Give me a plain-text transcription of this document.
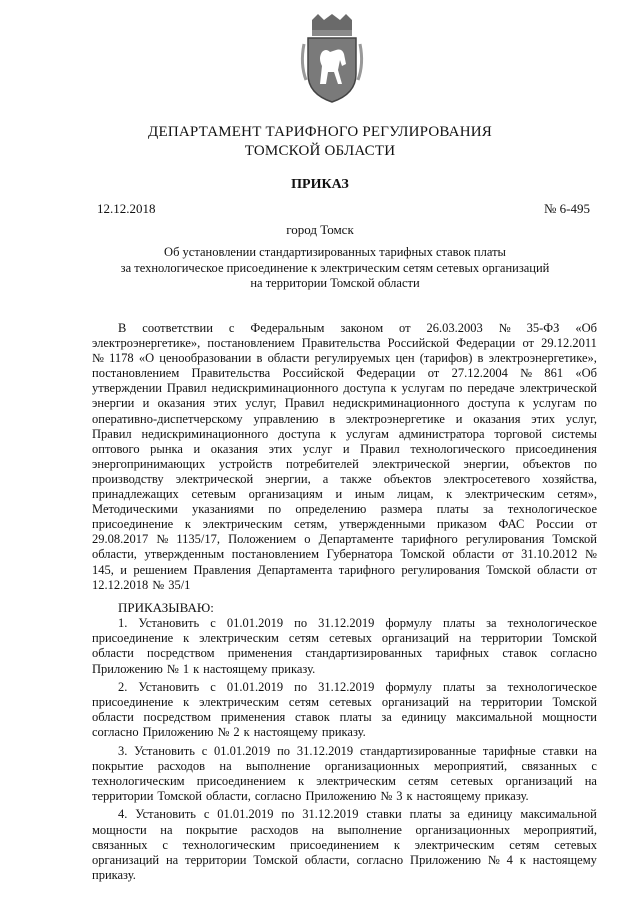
ДЕПАРТАМЕНТ ТАРИФНОГО РЕГУЛИРОВАНИЯ
ТОМСКОЙ ОБЛАСТИ
ПРИКАЗ
12.12.2018	№ 6-495
город Томск
Об установлении стандартизированных тарифных ставок платы
за технологическое присоединение к электрическим сетям сетевых организаций
на территории Томской области
В соответствии с Федеральным законом от 26.03.2003 № 35-ФЗ «Об
электроэнергетике», постановлением Правительства Российской Федерации от 29.12.2011
№ 1178 «О ценообразовании в области регулируемых цен (тарифов) в электроэнергетике»,
постановлением Правительства Российской Федерации от 27.12.2004 № 861 «Об
утверждении Правил недискриминационного доступа к услугам по передаче электрической
энергии и оказания этих услуг, Правил недискриминационного доступа к услугам по
оперативно-диспетчерскому управлению в электроэнергетике и оказания этих услуг,
Правил недискриминационного доступа к услугам администратора торговой системы
оптового рынка и оказания этих услуг и Правил технологического присоединения
энергопринимающих устройств потребителей электрической энергии, объектов по
производству электрической энергии, а также объектов электросетевого хозяйства,
принадлежащих сетевым организациям и иным лицам, к электрическим сетям»,
Методическими указаниями по определению размера платы за технологическое
присоединение к электрическим сетям, утвержденными приказом ФАС России от
29.08.2017 № 1135/17, Положением о Департаменте тарифного регулирования Томской
области, утвержденным постановлением Губернатора Томской области от 31.10.2012 №
145, и решением Правления Департамента тарифного регулирования Томской области от
12.12.2018 № 35/1
ПРИКАЗЫВАЮ:
1. Установить с 01.01.2019 по 31.12.2019 формулу платы за технологическое
присоединение к электрическим сетям сетевых организаций на территории Томской
области посредством применения стандартизированных тарифных ставок согласно
Приложению № 1 к настоящему приказу.
2. Установить с 01.01.2019 по 31.12.2019 формулу платы за технологическое
присоединение к электрическим сетям сетевых организаций на территории Томской
области посредством применения ставок платы за единицу максимальной мощности
согласно Приложению № 2 к настоящему приказу.
3. Установить с 01.01.2019 по 31.12.2019 стандартизированные тарифные ставки на
покрытие расходов на выполнение организационных мероприятий, связанных с
технологическим присоединением к электрическим сетям сетевых организаций на
территории Томской области, согласно Приложению № 3 к настоящему приказу.
4. Установить с 01.01.2019 по 31.12.2019 ставки платы за единицу максимальной
мощности на покрытие расходов на выполнение организационных мероприятий,
связанных с технологическим присоединением к электрическим сетям сетевых
организаций на территории Томской области, согласно Приложению № 4 к настоящему
приказу.
